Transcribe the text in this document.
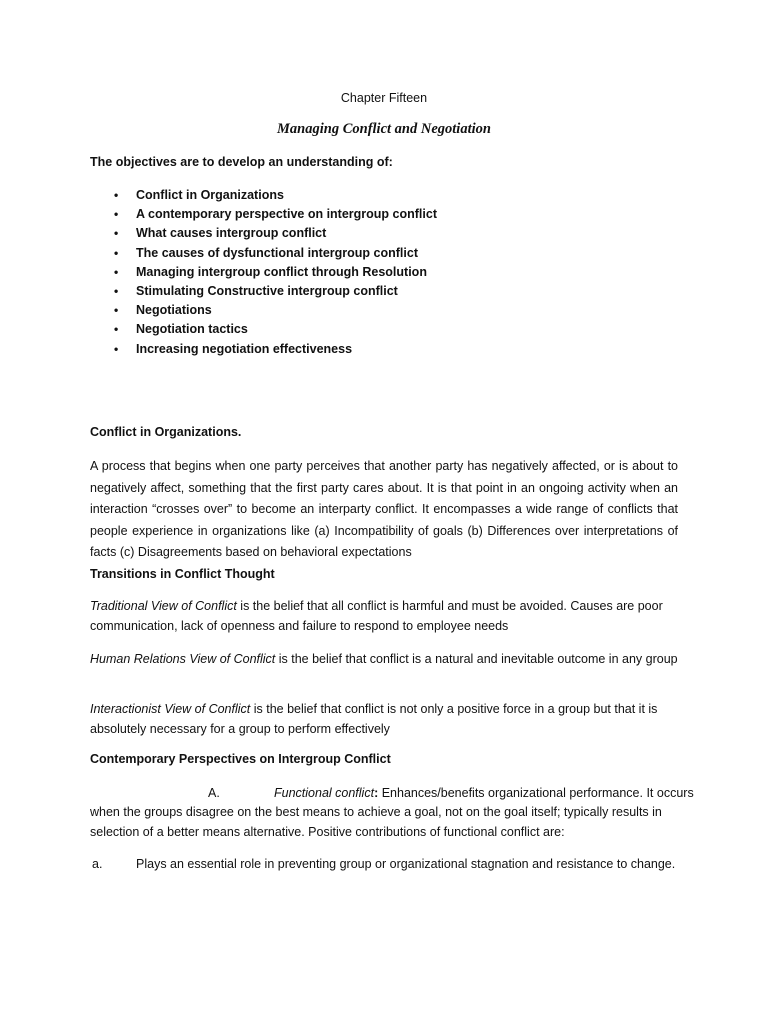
Chapter Fifteen
Managing Conflict and Negotiation
The objectives are to develop an understanding of:
• Conflict in Organizations
• A contemporary perspective on intergroup conflict
• What causes intergroup conflict
• The causes of dysfunctional intergroup conflict
• Managing intergroup conflict through Resolution
• Stimulating Constructive intergroup conflict
• Negotiations
• Negotiation tactics
• Increasing negotiation effectiveness
Conflict in Organizations.
A process that begins when one party perceives that another party has negatively affected, or is about to negatively affect, something that the first party cares about. It is that point in an ongoing activity when an interaction “crosses over” to become an interparty conflict. It encompasses a wide range of conflicts that people experience in organizations like (a) Incompatibility of goals (b) Differences over interpretations of facts (c) Disagreements based on behavioral expectations
Transitions in Conflict Thought
Traditional View of Conflict is the belief that all conflict is harmful and must be avoided. Causes are poor communication, lack of openness and failure to respond to employee needs
Human Relations View of Conflict is the belief that conflict is a natural and inevitable outcome in any group
Interactionist View of Conflict is the belief that conflict is not only a positive force in a group but that it is absolutely necessary for a group to perform effectively
Contemporary Perspectives on Intergroup Conflict
A.	Functional conflict: Enhances/benefits organizational performance. It occurs
when the groups disagree on the best means to achieve a goal, not on the goal itself; typically results in selection of a better means alternative. Positive contributions of functional conflict are:
a.	Plays an essential role in preventing group or organizational stagnation and resistance to change.
